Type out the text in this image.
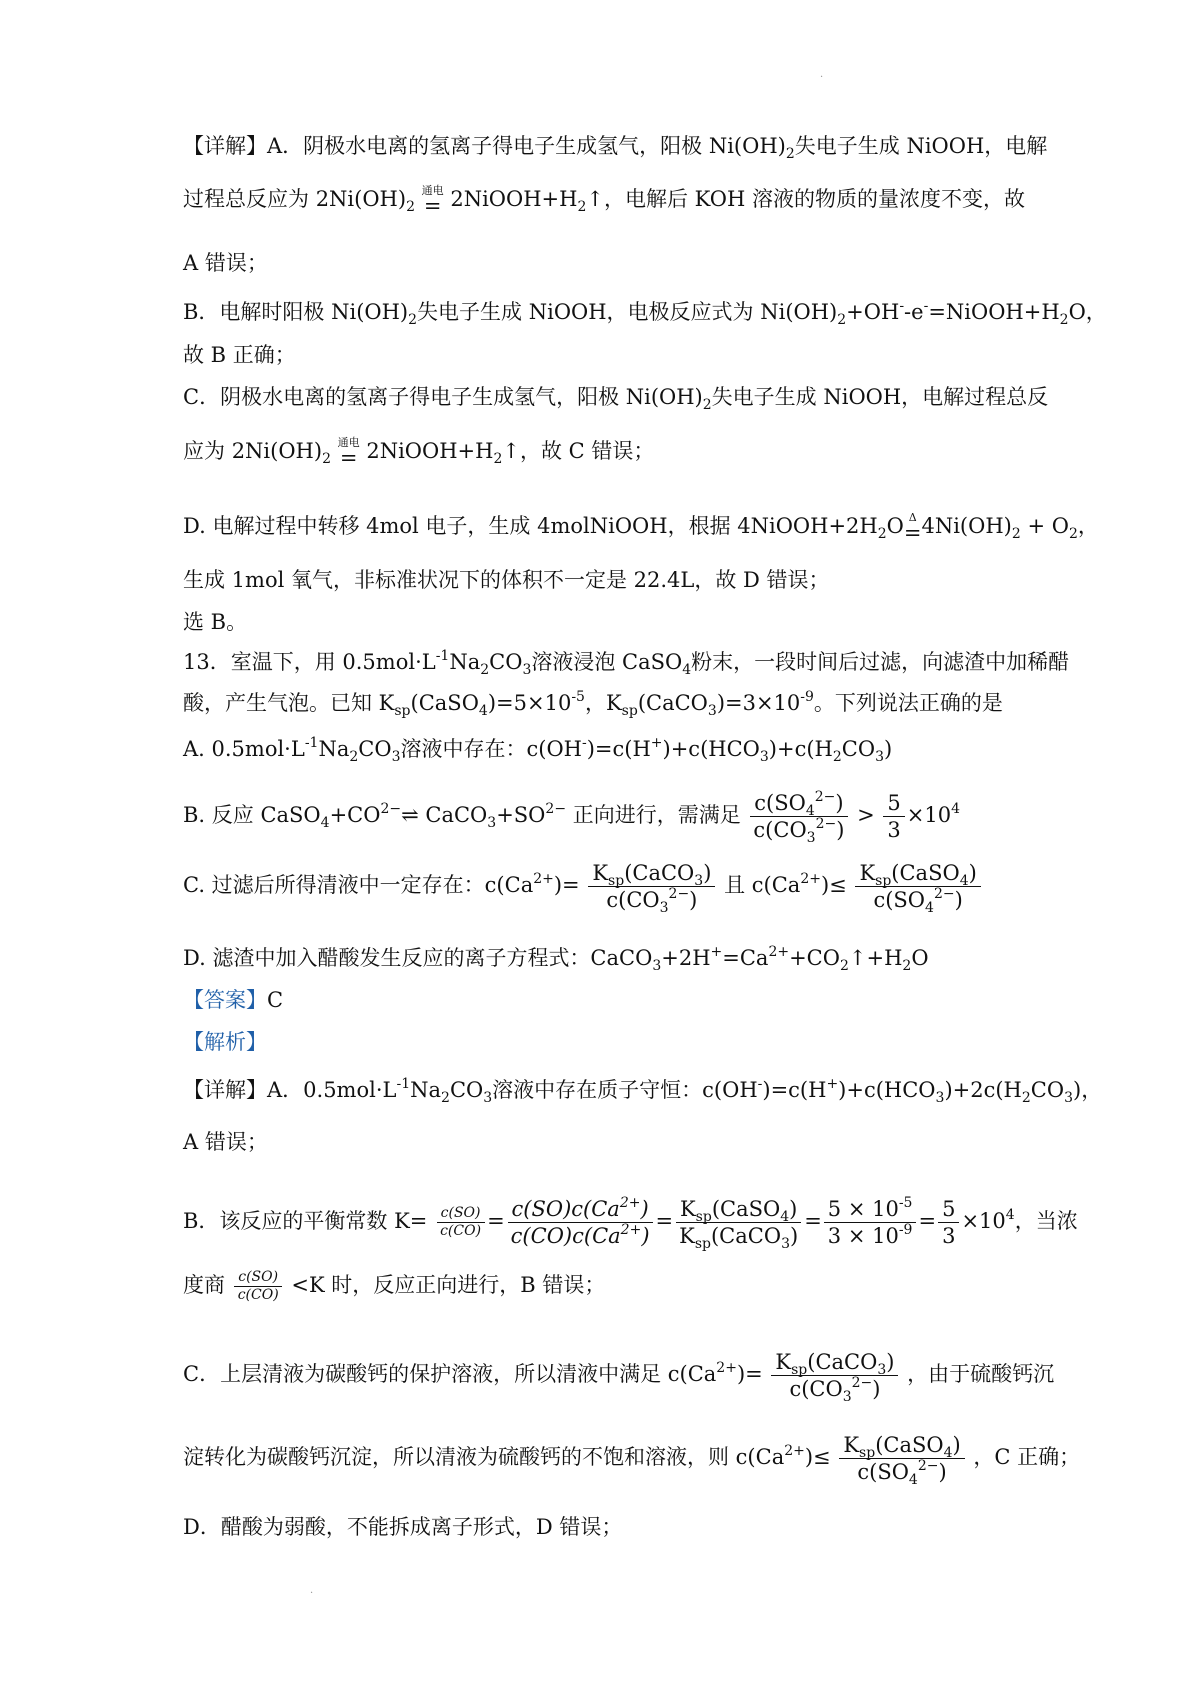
·
【详解】A．阴极水电离的氢离子得电子生成氢气，阳极 $Ni(OH)_2$失电子生成 NiOOH，电解
过程总反应为 $2Ni(OH)_2$
通电
= $2NiOOH+H_2↑$，电解后 KOH 溶液的物质的量浓度不变，故
A 错误；
B．电解时阳极 $Ni(OH)_2$失电子生成 NiOOH，电极反应式为 $Ni(OH)_2+OH^--e^-=NiOOH+H_2O$，
故 B 正确；
C．阴极水电离的氢离子得电子生成氢气，阳极 $Ni(OH)_2$失电子生成 NiOOH，电解过程总反
应为 $2Ni(OH)_2$
通电
= $2NiOOH+H_2↑$，故 C 错误；
D. 电解过程中转移 4mol 电子，生成 4molNiOOH，根据 $4NiOOH+2H_2O$ Δ
= $4Ni(OH)_2 + O_2$，
生成 1mol 氧气，非标准状况下的体积不一定是 22.4L，故 D 错误；
选 B。
13．室温下，用 $0.5mol\cdot L^{-1}Na_2CO_3$溶液浸泡 CaSO$_4$粉末，一段时间后过滤，向滤渣中加稀醋
酸，产生气泡。已知 $K_{sp}(CaSO_4)=5\times 10^{-5}$，$K_{sp}(CaCO_3)=3\times 10^{-9}$。下列说法正确的是
A. $0.5mol\cdot L^{-1}Na_2CO_3$溶液中存在：$c(OH^-)=c(H^+)+c(HCO_3)+c(H_2CO_3)$
B. 反应 $CaSO_4+CO^{2-}\rightleftharpoons$ $CaCO_3+SO^{2-}$ 正向进行，需满足 $\frac{c(SO_4^{2-})}{c(CO_3^{2-})} > \frac{5}{3} \times 10^4$
C. 过滤后所得清液中一定存在：$c(Ca^{2+})= \frac{K_{sp}(CaCO_3)}{c(CO_3^{2-})}$ 且 $c(Ca^{2+})\le \frac{K_{sp}(CaSO_4)}{c(SO_4^{2-})}$
D. 滤渣中加入醋酸发生反应的离子方程式：$CaCO_3+2H^+=Ca^{2+}+CO_2↑+H_2O$
【答案】C
【解析】
【详解】A．$0.5mol\cdot L^{-1}Na_2CO_3$溶液中存在质子守恒：$c(OH^-)=c(H^+)+c(HCO_3)+2c(H_2CO_3)$，
A 错误；
B．该反应的平衡常数 $K= \frac{c(SO)}{c(CO)} = \frac{c(SO)c(Ca^{2+})}{c(CO)c(Ca^{2+})} = \frac{K_{sp}(CaSO_4)}{K_{sp}(CaCO_3)} = \frac{5 \times 10^{-5}}{3 \times 10^{-9}} = \frac{5}{3} \times 10^4$，当浓
度商 $\frac{c(SO)}{c(CO)} <K$ 时，反应正向进行，B 错误；
C．上层清液为碳酸钙的保护溶液，所以清液中满足 $c(Ca^{2+})= \frac{K_{sp}(CaCO_3)}{c(CO_3^{2-})}$ ，由于硫酸钙沉
淀转化为碳酸钙沉淀，所以清液为硫酸钙的不饱和溶液，则 $c(Ca^{2+})\le \frac{K_{sp}(CaSO_4)}{c(SO_4^{2-})}$ ，C 正确；
D．醋酸为弱酸，不能拆成离子形式，D 错误；
·
